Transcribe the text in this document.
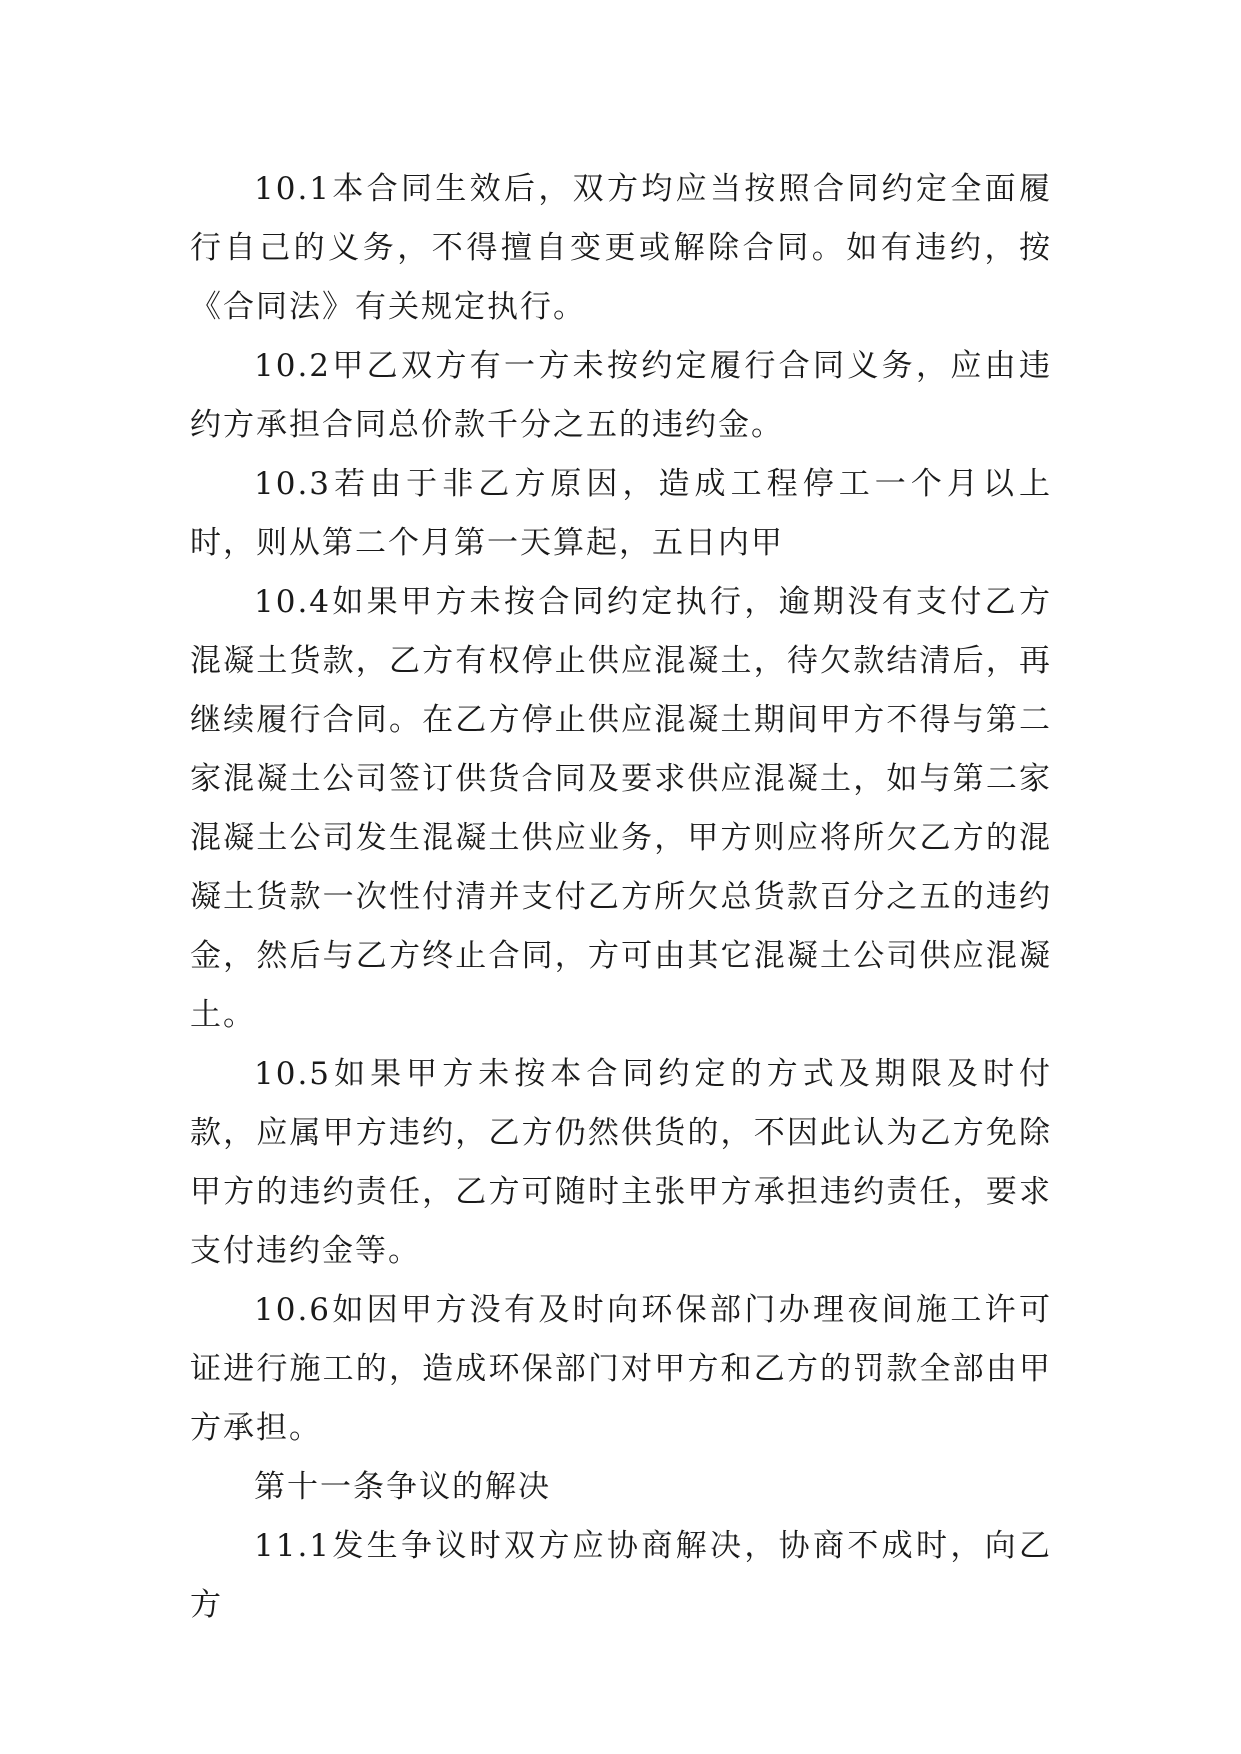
10.1本合同生效后，双方均应当按照合同约定全面履行自己的义务，不得擅自变更或解除合同。如有违约，按《合同法》有关规定执行。

10.2甲乙双方有一方未按约定履行合同义务，应由违约方承担合同总价款千分之五的违约金。

10.3若由于非乙方原因，造成工程停工一个月以上时，则从第二个月第一天算起，五日内甲

10.4如果甲方未按合同约定执行，逾期没有支付乙方混凝土货款，乙方有权停止供应混凝土，待欠款结清后，再继续履行合同。在乙方停止供应混凝土期间甲方不得与第二家混凝土公司签订供货合同及要求供应混凝土，如与第二家混凝土公司发生混凝土供应业务，甲方则应将所欠乙方的混凝土货款一次性付清并支付乙方所欠总货款百分之五的违约金，然后与乙方终止合同，方可由其它混凝土公司供应混凝土。

10.5如果甲方未按本合同约定的方式及期限及时付款，应属甲方违约，乙方仍然供货的，不因此认为乙方免除甲方的违约责任，乙方可随时主张甲方承担违约责任，要求支付违约金等。

10.6如因甲方没有及时向环保部门办理夜间施工许可证进行施工的，造成环保部门对甲方和乙方的罚款全部由甲方承担。

第十一条争议的解决

11.1发生争议时双方应协商解决，协商不成时，向乙方
